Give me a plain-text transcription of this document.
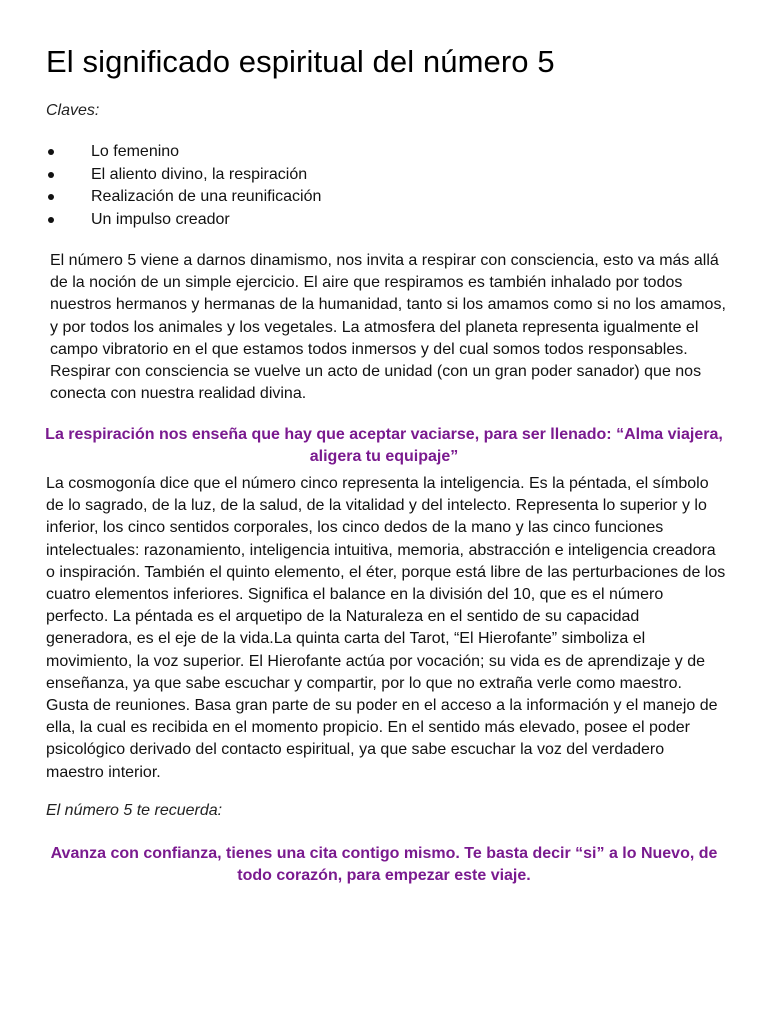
El significado espiritual del número 5
Claves:
Lo femenino
El aliento divino, la respiración
Realización de una reunificación
Un impulso creador

El número 5 viene a darnos dinamismo, nos invita a respirar con consciencia, esto va más allá de la noción de un simple ejercicio. El aire que respiramos es también inhalado por todos nuestros hermanos y hermanas de la humanidad, tanto si los amamos como si no los amamos, y por todos los animales y los vegetales. La atmosfera del planeta representa igualmente el campo vibratorio en el que estamos todos inmersos y del cual somos todos responsables. Respirar con consciencia se vuelve un acto de unidad (con un gran poder sanador) que nos conecta con nuestra realidad divina.

La respiración nos enseña que hay que aceptar vaciarse, para ser llenado: “Alma viajera, aligera tu equipaje”

La cosmogonía dice que el número cinco representa la inteligencia. Es la péntada, el símbolo de lo sagrado, de la luz, de la salud, de la vitalidad y del intelecto. Representa lo superior y lo inferior, los cinco sentidos corporales, los cinco dedos de la mano y las cinco funciones intelectuales: razonamiento, inteligencia intuitiva, memoria, abstracción e inteligencia creadora o inspiración. También el quinto elemento, el éter, porque está libre de las perturbaciones de los cuatro elementos inferiores. Significa el balance en la división del 10, que es el número perfecto. La péntada es el arquetipo de la Naturaleza en el sentido de su capacidad generadora, es el eje de la vida.La quinta carta del Tarot, “El Hierofante” simboliza el movimiento, la voz superior. El Hierofante actúa por vocación; su vida es de aprendizaje y de enseñanza, ya que sabe escuchar y compartir, por lo que no extraña verle como maestro. Gusta de reuniones. Basa gran parte de su poder en el acceso a la información y el manejo de ella, la cual es recibida en el momento propicio. En el sentido más elevado, posee el poder psicológico derivado del contacto espiritual, ya que sabe escuchar la voz del verdadero maestro interior.

El número 5 te recuerda:

Avanza con confianza, tienes una cita contigo mismo. Te basta decir “si” a lo Nuevo, de todo corazón, para empezar este viaje.
